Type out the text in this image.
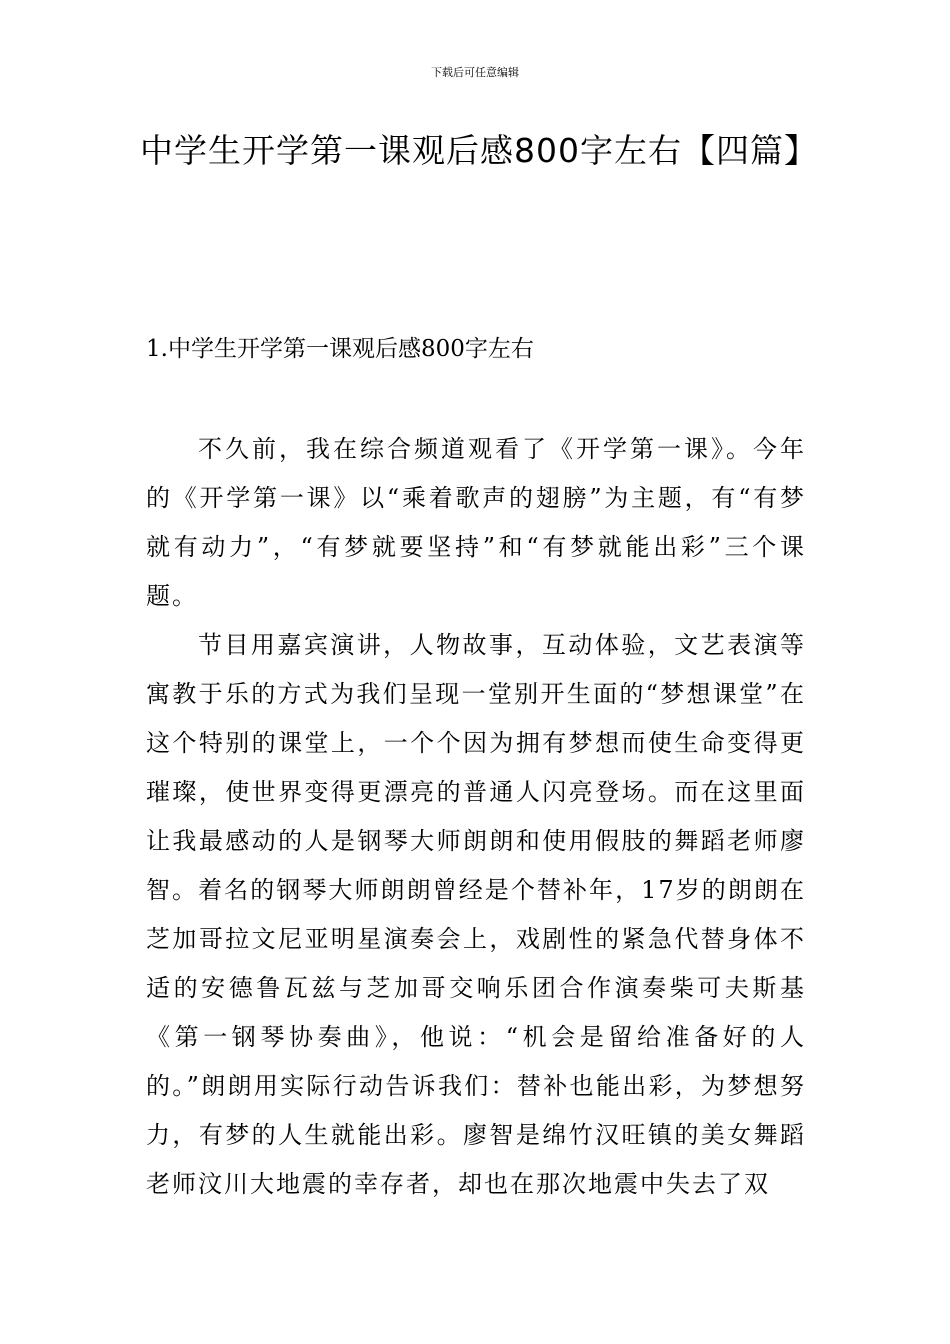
下载后可任意编辑
中学生开学第一课观后感800字左右【四篇】
1.中学生开学第一课观后感800字左右

不久前，我在综合频道观看了《开学第一课》。今年的《开学第一课》以“乘着歌声的翅膀”为主题，有“有梦就有动力”，“有梦就要坚持”和“有梦就能出彩”三个课题。

节目用嘉宾演讲，人物故事，互动体验，文艺表演等寓教于乐的方式为我们呈现一堂别开生面的“梦想课堂”在这个特别的课堂上，一个个因为拥有梦想而使生命变得更璀璨，使世界变得更漂亮的普通人闪亮登场。而在这里面让我最感动的人是钢琴大师朗朗和使用假肢的舞蹈老师廖智。着名的钢琴大师朗朗曾经是个替补年，17岁的朗朗在芝加哥拉文尼亚明星演奏会上，戏剧性的紧急代替身体不适的安德鲁瓦兹与芝加哥交响乐团合作演奏柴可夫斯基《第一钢琴协奏曲》，他说：“机会是留给准备好的人的。”朗朗用实际行动告诉我们：替补也能出彩，为梦想努力，有梦的人生就能出彩。廖智是绵竹汉旺镇的美女舞蹈老师汶川大地震的幸存者，却也在那次地震中失去了双
